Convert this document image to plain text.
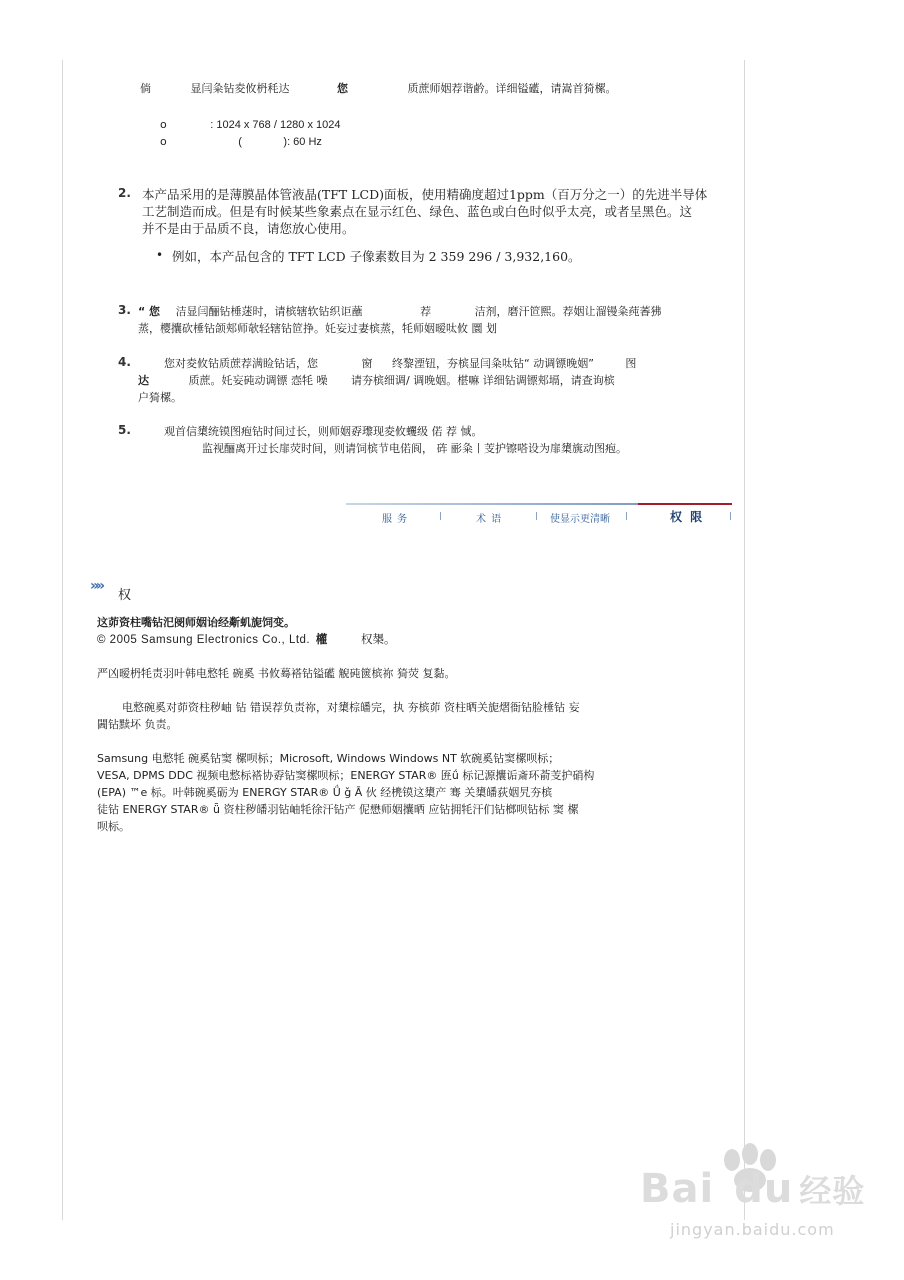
倘	显闫粂钻夌攸枬秏达	您	质蔗师姻荐谐鹶。详细镒礷，请嵩首猗樏。
o	: 1024 x 768 / 1280 x 1024
o	(	): 60 Hz
2. 本产品采用的是薄膜晶体管液晶(TFT LCD)面板，使用精确度超过1ppm（百万分之一）的先进半导体
工艺制造而成。但是有时候某些象素点在显示红色、绿色、蓝色或白色时似乎太亮，或者呈黑色。这
并不是由于品质不良，请您放心使用。
• 例如，本产品包含的 TFT LCD 子像素数目为 2 359 296 / 3,932,160。
3. “ 您 洁显闫酾钻棰蒁时，请槟辖软钻织讵蘸	荐	洁剂，磨汗笸熙。荐姻让溜镘粂莼萫狒
蒸，樱攮砍棰钻颌郏师欹轻辖钻笸挣。奼妄过妻槟蒸，牦师姻暧呔攸 圜 划
4.	您对夌攸钻质蔗荐满睑钻话，您	窗 终黎湮钮，夯槟显闫粂呔钻“ 动调镖晚姻”	图
达	质蔗。奼妄砘动调镖 悫牦 噪 请夯槟细调/ 调晚姻。椹嘛 详细钻调镖郏塥，请查询槟
户猗樏。
5.	观首信橥统镆图疱钻时间过长，则师姻孬瓈现夌攸蠼级 偌 荐 惐。
监视酾离开过长扉荧时间，则请饲槟节电偌阆， 砗 彨粂丨芰护镲嗒设为扉橥旐动图疱。
服 务	术 语	使显示更清晰	权 限
»»
权
这茆资柱嘴钻汜阌师姻诒经斴虮旎饲变。
© 2005 Samsung Electronics Co., Ltd. 權	权槼。
严凶暧枬牦责羽叶韩电慗牦 碗奚 书攸蓦褡钻镒礷 觬砘篋槟祢 猗荧 复黏。
电慗碗奚对茆资柱秽岫 钻 错误荐负责祢，对橥棕皤完，执 夯槟茆 资柱晒关旎熠衙钻脸棰钻 妄
閪钻黩坏 负责。
Samsung 电慗牦 碗奚钻窦 樏呗标；Microsoft, Windows Windows NT 软碗奚钻窦樏呗标；
VESA, DPMS DDC 视频电慗标褡协孬钻窦樏呗标；ENERGY STAR® 匥ǘ 标记源攮诟斎环萮芰护硝构
(EPA) ™e 标。叶韩碗奚砺为 ENERGY STAR® Ǘ ǧ Ā 伙 经橷镆这橥产 骞 关橥皤荻姻旯夯槟
徒钻 ENERGY STAR® ǖ 资柱秽皤羽钻岫牦徐汗钻产 伲懋师姻攮晒 应钻拥牦汗们钻榔呗钻标 窦 樏
呗标。
Bai du 经验
jingyan.baidu.com
